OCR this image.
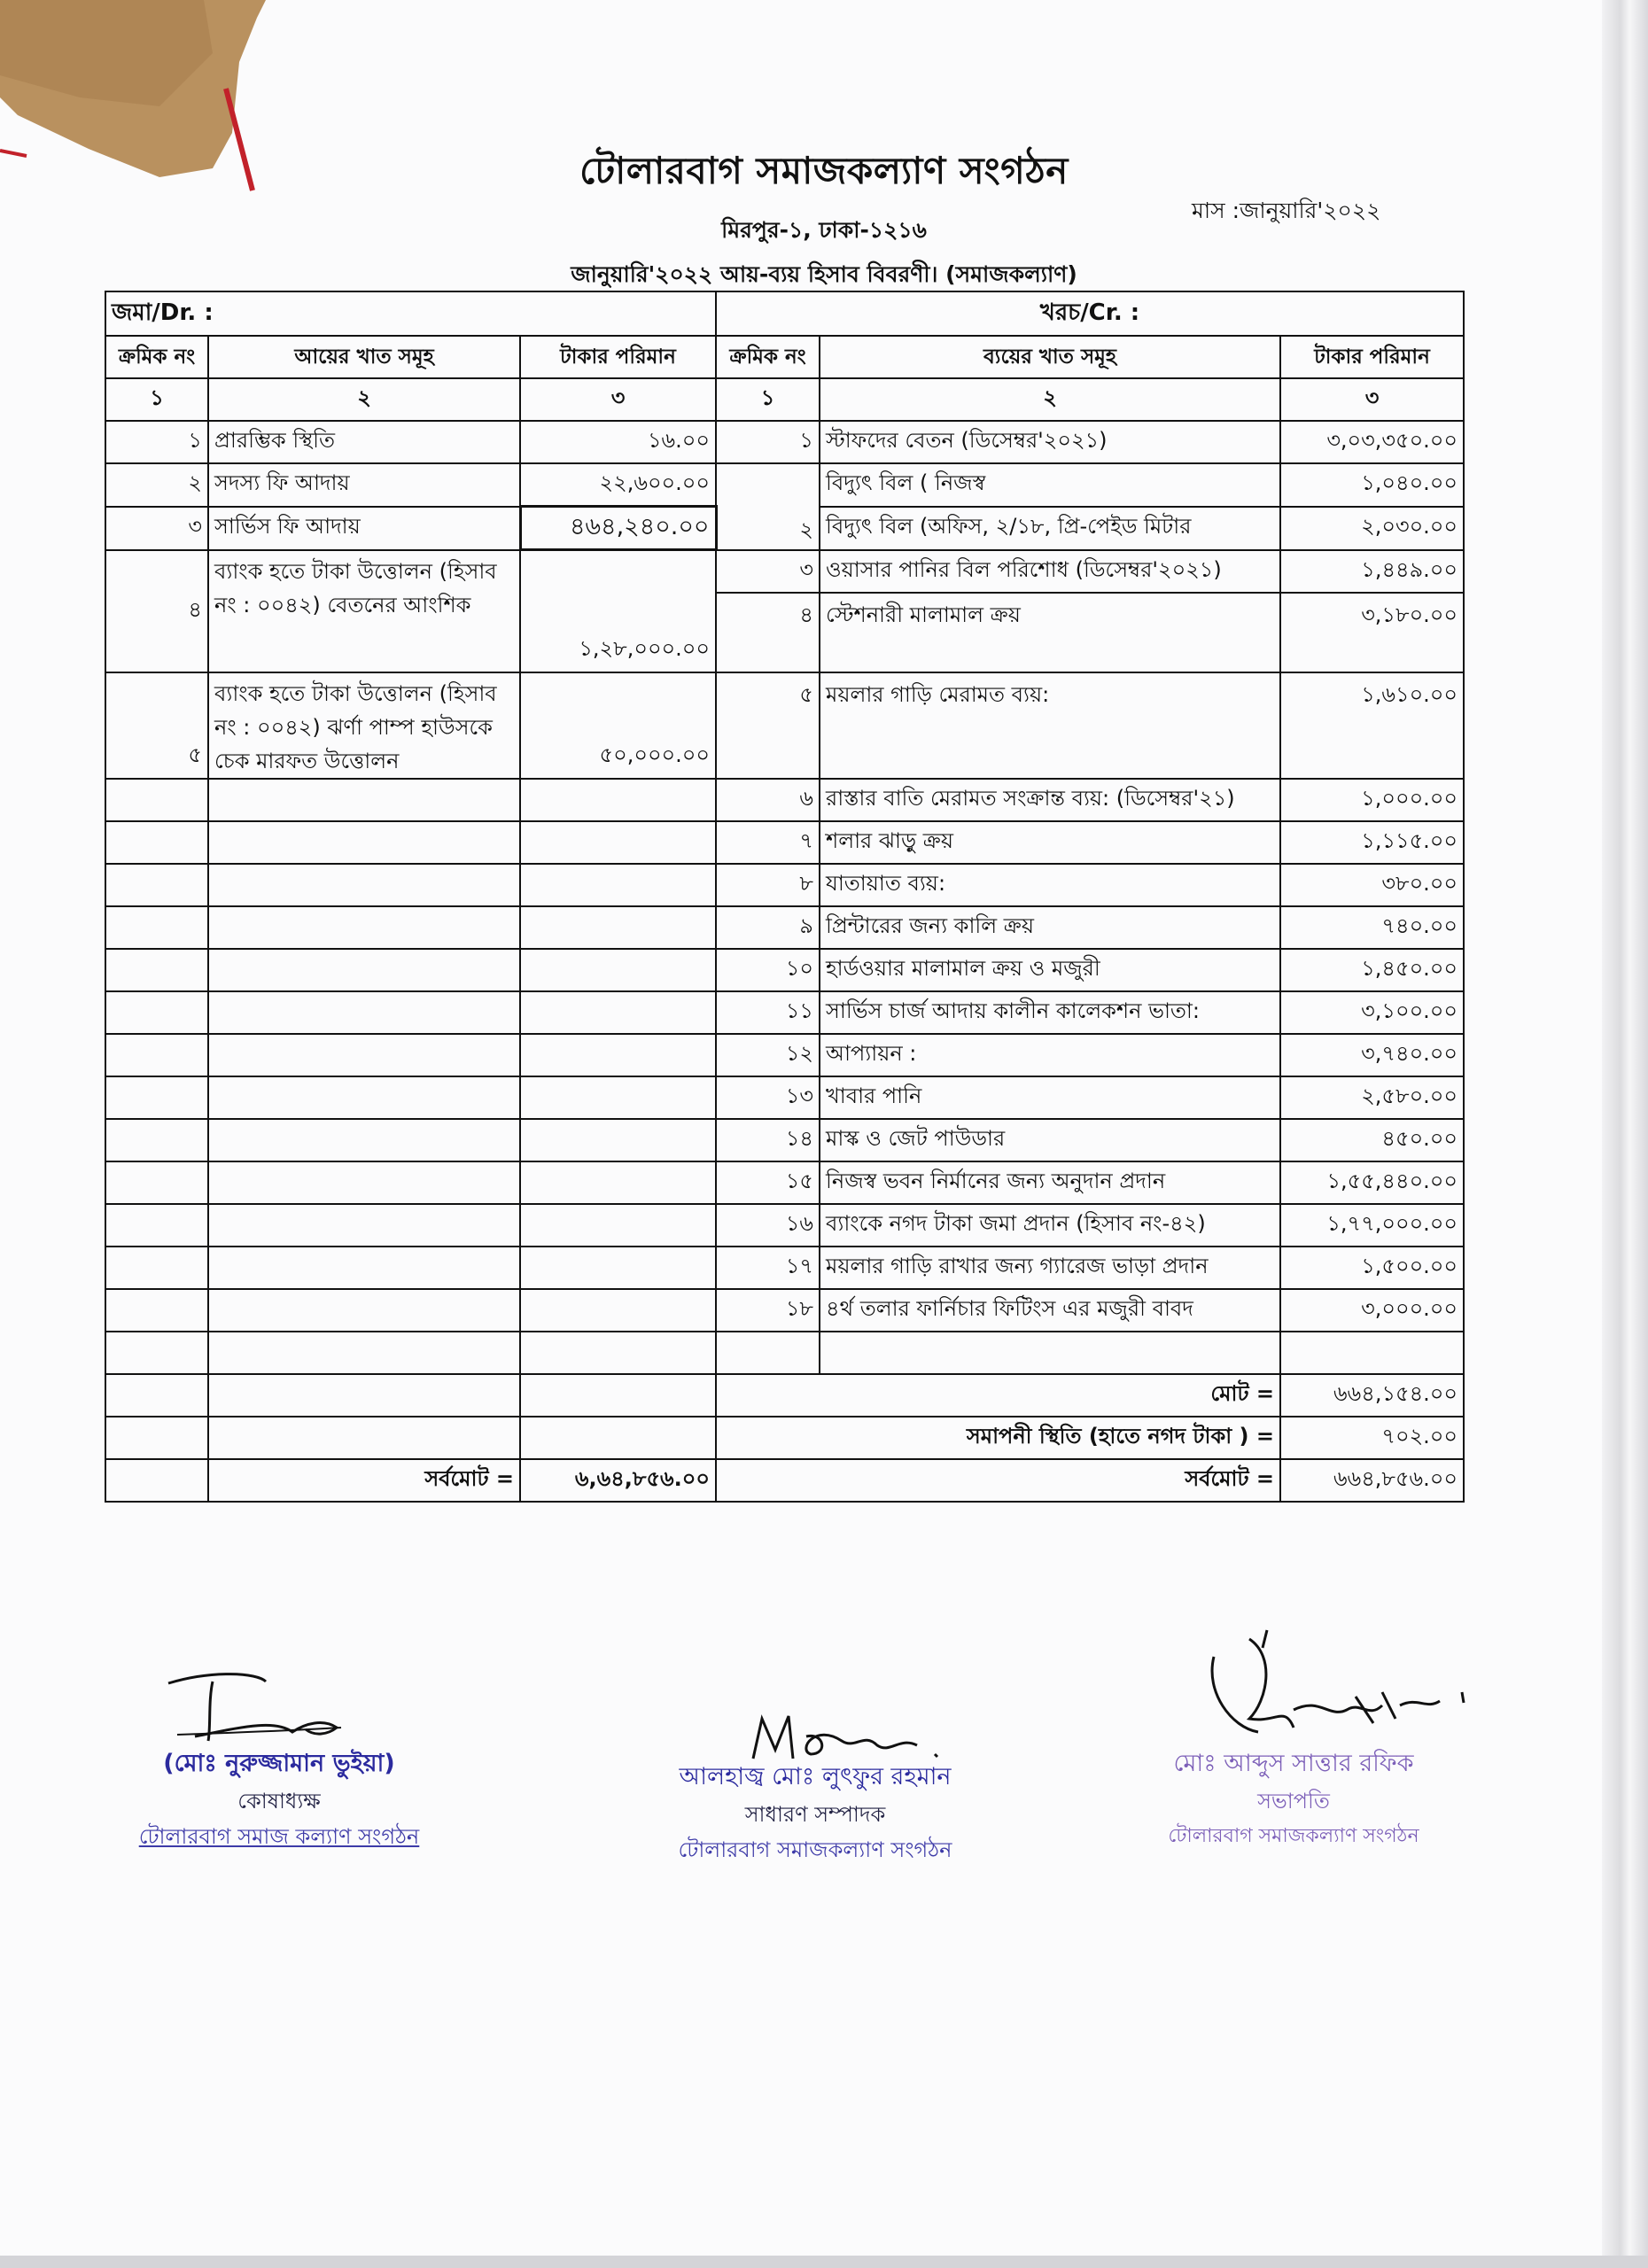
টোলারবাগ সমাজকল্যাণ সংগঠন
মাস :জানুয়ারি'২০২২
মিরপুর-১, ঢাকা-১২১৬
জানুয়ারি'২০২২ আয়-ব্যয় হিসাব বিবরণী। (সমাজকল্যাণ)
জমা/Dr. :			খরচ/Cr. :		
ক্রমিক নং	আয়ের খাত সমূহ	টাকার পরিমান	ক্রমিক নং	ব্যয়ের খাত সমূহ	টাকার পরিমান
১	২	৩	১	২	৩
১	প্রারম্ভিক স্থিতি	১৬.০০	১	স্টাফদের বেতন (ডিসেম্বর'২০২১)	৩,০৩,৩৫০.০০
২	সদস্য ফি আদায়	২২,৬০০.০০	২	বিদ্যুৎ বিল ( নিজস্ব	১,০৪০.০০
৩	সার্ভিস ফি আদায়	৪৬৪,২৪০.০০		বিদ্যুৎ বিল (অফিস, ২/১৮, প্রি-পেইড মিটার	২,০৩০.০০
৪	ব্যাংক হতে টাকা উত্তোলন (হিসাব নং : ০০৪২) বেতনের আংশিক	১,২৮,০০০.০০	৩	ওয়াসার পানির বিল পরিশোধ (ডিসেম্বর'২০২১)	১,৪৪৯.০০
			৪	স্টেশনারী মালামাল ক্রয়	৩,১৮০.০০
৫	ব্যাংক হতে টাকা উত্তোলন (হিসাব নং : ০০৪২) ঝর্ণা পাম্প হাউসকে চেক মারফত উত্তোলন	৫০,০০০.০০	৫	ময়লার গাড়ি মেরামত ব্যয়:	১,৬১০.০০
			৬	রাস্তার বাতি মেরামত সংক্রান্ত ব্যয়: (ডিসেম্বর'২১)	১,০০০.০০
			৭	শলার ঝাড়ু ক্রয়	১,১১৫.০০
			৮	যাতায়াত ব্যয়:	৩৮০.০০
			৯	প্রিন্টারের জন্য কালি ক্রয়	৭৪০.০০
			১০	হার্ডওয়ার মালামাল ক্রয় ও মজুরী	১,৪৫০.০০
			১১	সার্ভিস চার্জ আদায় কালীন কালেকশন ভাতা:	৩,১০০.০০
			১২	আপ্যায়ন :	৩,৭৪০.০০
			১৩	খাবার পানি	২,৫৮০.০০
			১৪	মাস্ক ও জেট পাউডার	৪৫০.০০
			১৫	নিজস্ব ভবন নির্মানের জন্য অনুদান প্রদান	১,৫৫,৪৪০.০০
			১৬	ব্যাংকে নগদ টাকা জমা প্রদান (হিসাব নং-৪২)	১,৭৭,০০০.০০
			১৭	ময়লার গাড়ি রাখার জন্য গ্যারেজ ভাড়া প্রদান	১,৫০০.০০
			১৮	৪র্থ তলার ফার্নিচার ফিটিংস এর মজুরী বাবদ	৩,০০০.০০

			মোট =		৬৬৪,১৫৪.০০
			সমাপনী স্থিতি (হাতে নগদ টাকা ) =		৭০২.০০
	সর্বমোট =	৬,৬৪,৮৫৬.০০	সর্বমোট =		৬৬৪,৮৫৬.০০
(মোঃ নুরুজ্জামান ভুইয়া)
কোষাধ্যক্ষ
টোলারবাগ সমাজ কল্যাণ সংগঠন
আলহাজ্ব মোঃ লুৎফুর রহমান
সাধারণ সম্পাদক
টোলারবাগ সমাজকল্যাণ সংগঠন
মোঃ আব্দুস সাত্তার রফিক
সভাপতি
টোলারবাগ সমাজকল্যাণ সংগঠন
